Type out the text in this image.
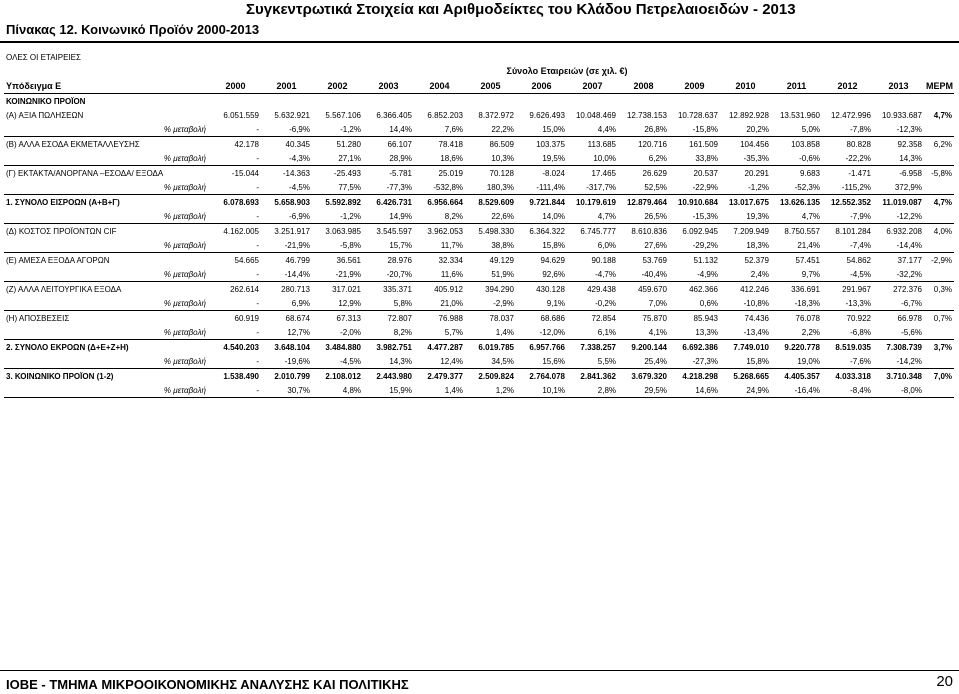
Συγκεντρωτικά Στοιχεία και Αριθμοδείκτες του Κλάδου Πετρελαιοειδών - 2013
Πίνακας 12. Κοινωνικό Προϊόν 2000-2013
ΟΛΕΣ ΟΙ ΕΤΑΙΡΕΙΕΣ															
						Σύνολο Εταιρειών (σε χιλ. €)									
Υπόδειγμα Ε	2000	2001	2002	2003	2004	2005	2006	2007	2008	2009	2010	2011	2012	2013	ΜΕΡΜ
ΚΟΙΝΩΝΙΚΟ ΠΡΟΪΟΝ															
(Α) ΑΞΙΑ ΠΩΛΗΣΕΩΝ	6.051.559	5.632.921	5.567.106	6.366.405	6.852.203	8.372.972	9.626.493	10.048.469	12.738.153	10.728.637	12.892.928	13.531.960	12.472.996	10.933.687	4,7%
% μεταβολή	-	-6,9%	-1,2%	14,4%	7,6%	22,2%	15,0%	4,4%	26,8%	-15,8%	20,2%	5,0%	-7,8%	-12,3%	
(Β) ΑΛΛΑ ΕΣΟΔΑ ΕΚΜΕΤΑΛΛΕΥΣΗΣ	42.178	40.345	51.280	66.107	78.418	86.509	103.375	113.685	120.716	161.509	104.456	103.858	80.828	92.358	6,2%
% μεταβολή	-	-4,3%	27,1%	28,9%	18,6%	10,3%	19,5%	10,0%	6,2%	33,8%	-35,3%	-0,6%	-22,2%	14,3%	
(Γ) ΕΚΤΑΚΤΑ/ΑΝΟΡΓΑΝΑ –ΕΣΟΔΑ/ ΕΞΟΔΑ	-15.044	-14.363	-25.493	-5.781	25.019	70.128	-8.024	17.465	26.629	20.537	20.291	9.683	-1.471	-6.958	-5,8%
% μεταβολή	-	-4,5%	77,5%	-77,3%	-532,8%	180,3%	-111,4%	-317,7%	52,5%	-22,9%	-1,2%	-52,3%	-115,2%	372,9%	
1. ΣΥΝΟΛΟ ΕΙΣΡΟΩΝ (Α+Β+Γ)	6.078.693	5.658.903	5.592.892	6.426.731	6.956.664	8.529.609	9.721.844	10.179.619	12.879.464	10.910.684	13.017.675	13.626.135	12.552.352	11.019.087	4,7%
% μεταβολή	-	-6,9%	-1,2%	14,9%	8,2%	22,6%	14,0%	4,7%	26,5%	-15,3%	19,3%	4,7%	-7,9%	-12,2%	
(Δ) ΚΟΣΤΟΣ ΠΡΟΪΟΝΤΩΝ CIF	4.162.005	3.251.917	3.063.985	3.545.597	3.962.053	5.498.330	6.364.322	6.745.777	8.610.836	6.092.945	7.209.949	8.750.557	8.101.284	6.932.208	4,0%
% μεταβολή	-	-21,9%	-5,8%	15,7%	11,7%	38,8%	15,8%	6,0%	27,6%	-29,2%	18,3%	21,4%	-7,4%	-14,4%	
(Ε) ΑΜΕΣΑ ΕΞΟΔΑ ΑΓΟΡΩΝ	54.665	46.799	36.561	28.976	32.334	49.129	94.629	90.188	53.769	51.132	52.379	57.451	54.862	37.177	-2,9%
% μεταβολή	-	-14,4%	-21,9%	-20,7%	11,6%	51,9%	92,6%	-4,7%	-40,4%	-4,9%	2,4%	9,7%	-4,5%	-32,2%	
(Ζ) ΑΛΛΑ ΛΕΙΤΟΥΡΓΙΚΑ ΕΞΟΔΑ	262.614	280.713	317.021	335.371	405.912	394.290	430.128	429.438	459.670	462.366	412.246	336.691	291.967	272.376	0,3%
% μεταβολή	-	6,9%	12,9%	5,8%	21,0%	-2,9%	9,1%	-0,2%	7,0%	0,6%	-10,8%	-18,3%	-13,3%	-6,7%	
(Η) ΑΠΟΣΒΕΣΕΙΣ	60.919	68.674	67.313	72.807	76.988	78.037	68.686	72.854	75.870	85.943	74.436	76.078	70.922	66.978	0,7%
% μεταβολή	-	12,7%	-2,0%	8,2%	5,7%	1,4%	-12,0%	6,1%	4,1%	13,3%	-13,4%	2,2%	-6,8%	-5,6%	
2. ΣΥΝΟΛΟ ΕΚΡΟΩΝ (Δ+Ε+Ζ+Η)	4.540.203	3.648.104	3.484.880	3.982.751	4.477.287	6.019.785	6.957.766	7.338.257	9.200.144	6.692.386	7.749.010	9.220.778	8.519.035	7.308.739	3,7%
% μεταβολή	-	-19,6%	-4,5%	14,3%	12,4%	34,5%	15,6%	5,5%	25,4%	-27,3%	15,8%	19,0%	-7,6%	-14,2%	
3. ΚΟΙΝΩΝΙΚΟ ΠΡΟΪΟΝ (1-2)	1.538.490	2.010.799	2.108.012	2.443.980	2.479.377	2.509.824	2.764.078	2.841.362	3.679.320	4.218.298	5.268.665	4.405.357	4.033.318	3.710.348	7,0%
% μεταβολή	-	30,7%	4,8%	15,9%	1,4%	1,2%	10,1%	2,8%	29,5%	14,6%	24,9%	-16,4%	-8,4%	-8,0%	
ΙΟΒΕ - ΤΜΗΜΑ ΜΙΚΡΟΟΙΚΟΝΟΜΙΚΗΣ ΑΝΑΛΥΣΗΣ ΚΑΙ ΠΟΛΙΤΙΚΗΣ	20
